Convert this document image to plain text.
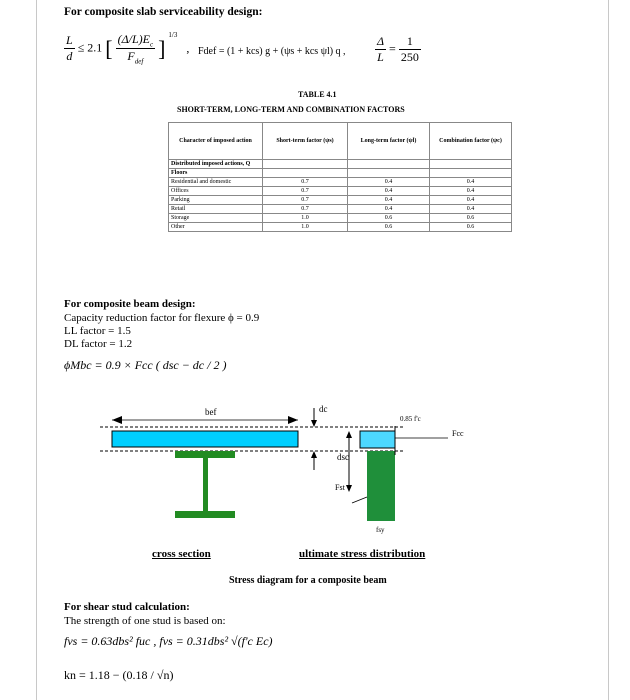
For composite slab serviceability design:
$\frac{L}{d} \le 2.1$ [ $\frac{(\Delta/L)E_c}{F_{def}}$ ] $^{1/3}$ , Fdef = (1 + kcs) g + (ψs + kcs ψl) q , $\frac{\Delta}{L} = \frac{1}{250}$
TABLE 4.1
SHORT-TERM, LONG-TERM AND COMBINATION FACTORS
Character of imposed action	Short-term factor (ψs)	Long-term factor (ψl)	Combination factor (ψc)
Distributed imposed actions, Q			
Floors			
Residential and domestic	0.7	0.4	0.4
Offices	0.7	0.4	0.4
Parking	0.7	0.4	0.4
Retail	0.7	0.4	0.4
Storage	1.0	0.6	0.6
Other	1.0	0.6	0.6
For composite beam design:
Capacity reduction factor for flexure ϕ = 0.9
LL factor = 1.5
DL factor = 1.2
ϕMbc = 0.9 × Fcc ( dsc − dc / 2 )
bef	dc
dsc
Fst
0.85 f'c
Fcc
fsy
cross section	ultimate stress distribution
Stress diagram for a composite beam
For shear stud calculation:
The strength of one stud is based on:
fvs = 0.63dbs² fuc , fvs = 0.31dbs² √(f'c Ec)
kn = 1.18 − (0.18 / √n)
